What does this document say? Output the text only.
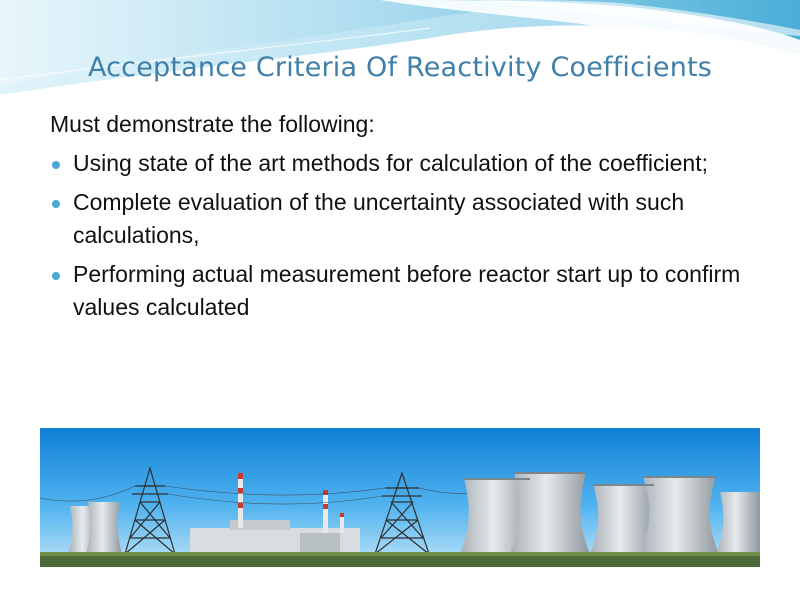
Acceptance Criteria Of Reactivity Coefficients

Must demonstrate the following:

Using state of the art methods for calculation of the coefficient;
Complete evaluation of the uncertainty associated with such calculations,
Performing actual measurement before reactor start up to confirm values calculated
